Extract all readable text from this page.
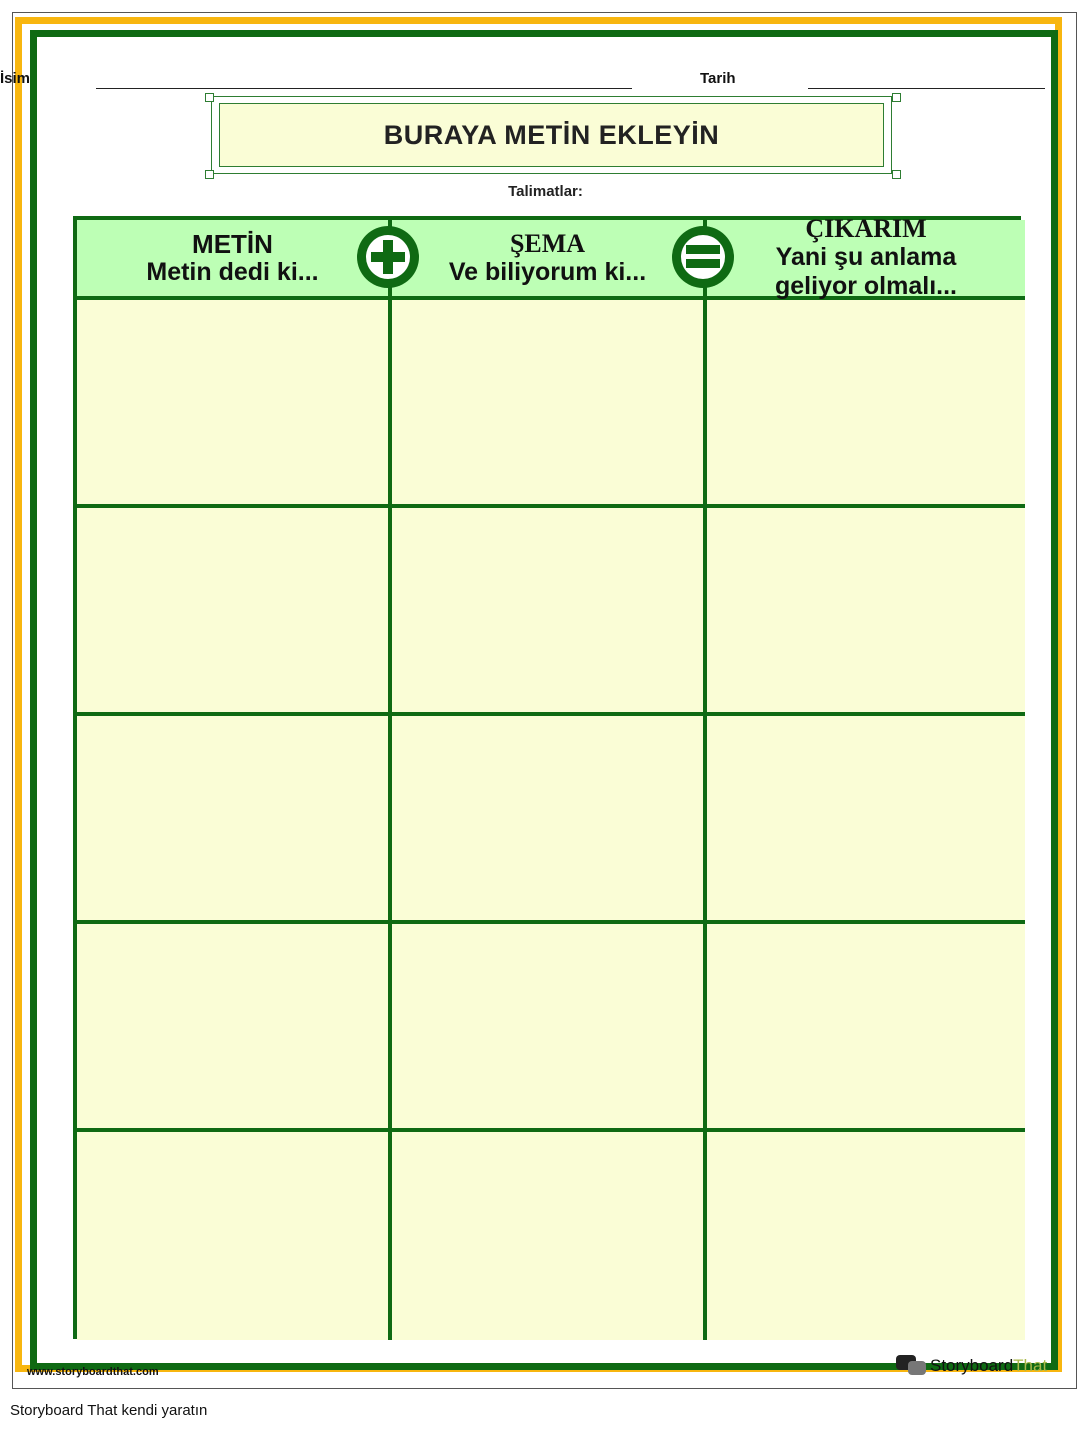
İsim	Tarih
BURAYA METİN EKLEYİN
Talimatlar:
METİN
Metin dedi ki...
ŞEMA
Ve biliyorum ki...
ÇIKARIM
Yani şu anlama geliyor olmalı...
www.storyboardthat.com	Storyboard That
Storyboard That kendi yaratın
